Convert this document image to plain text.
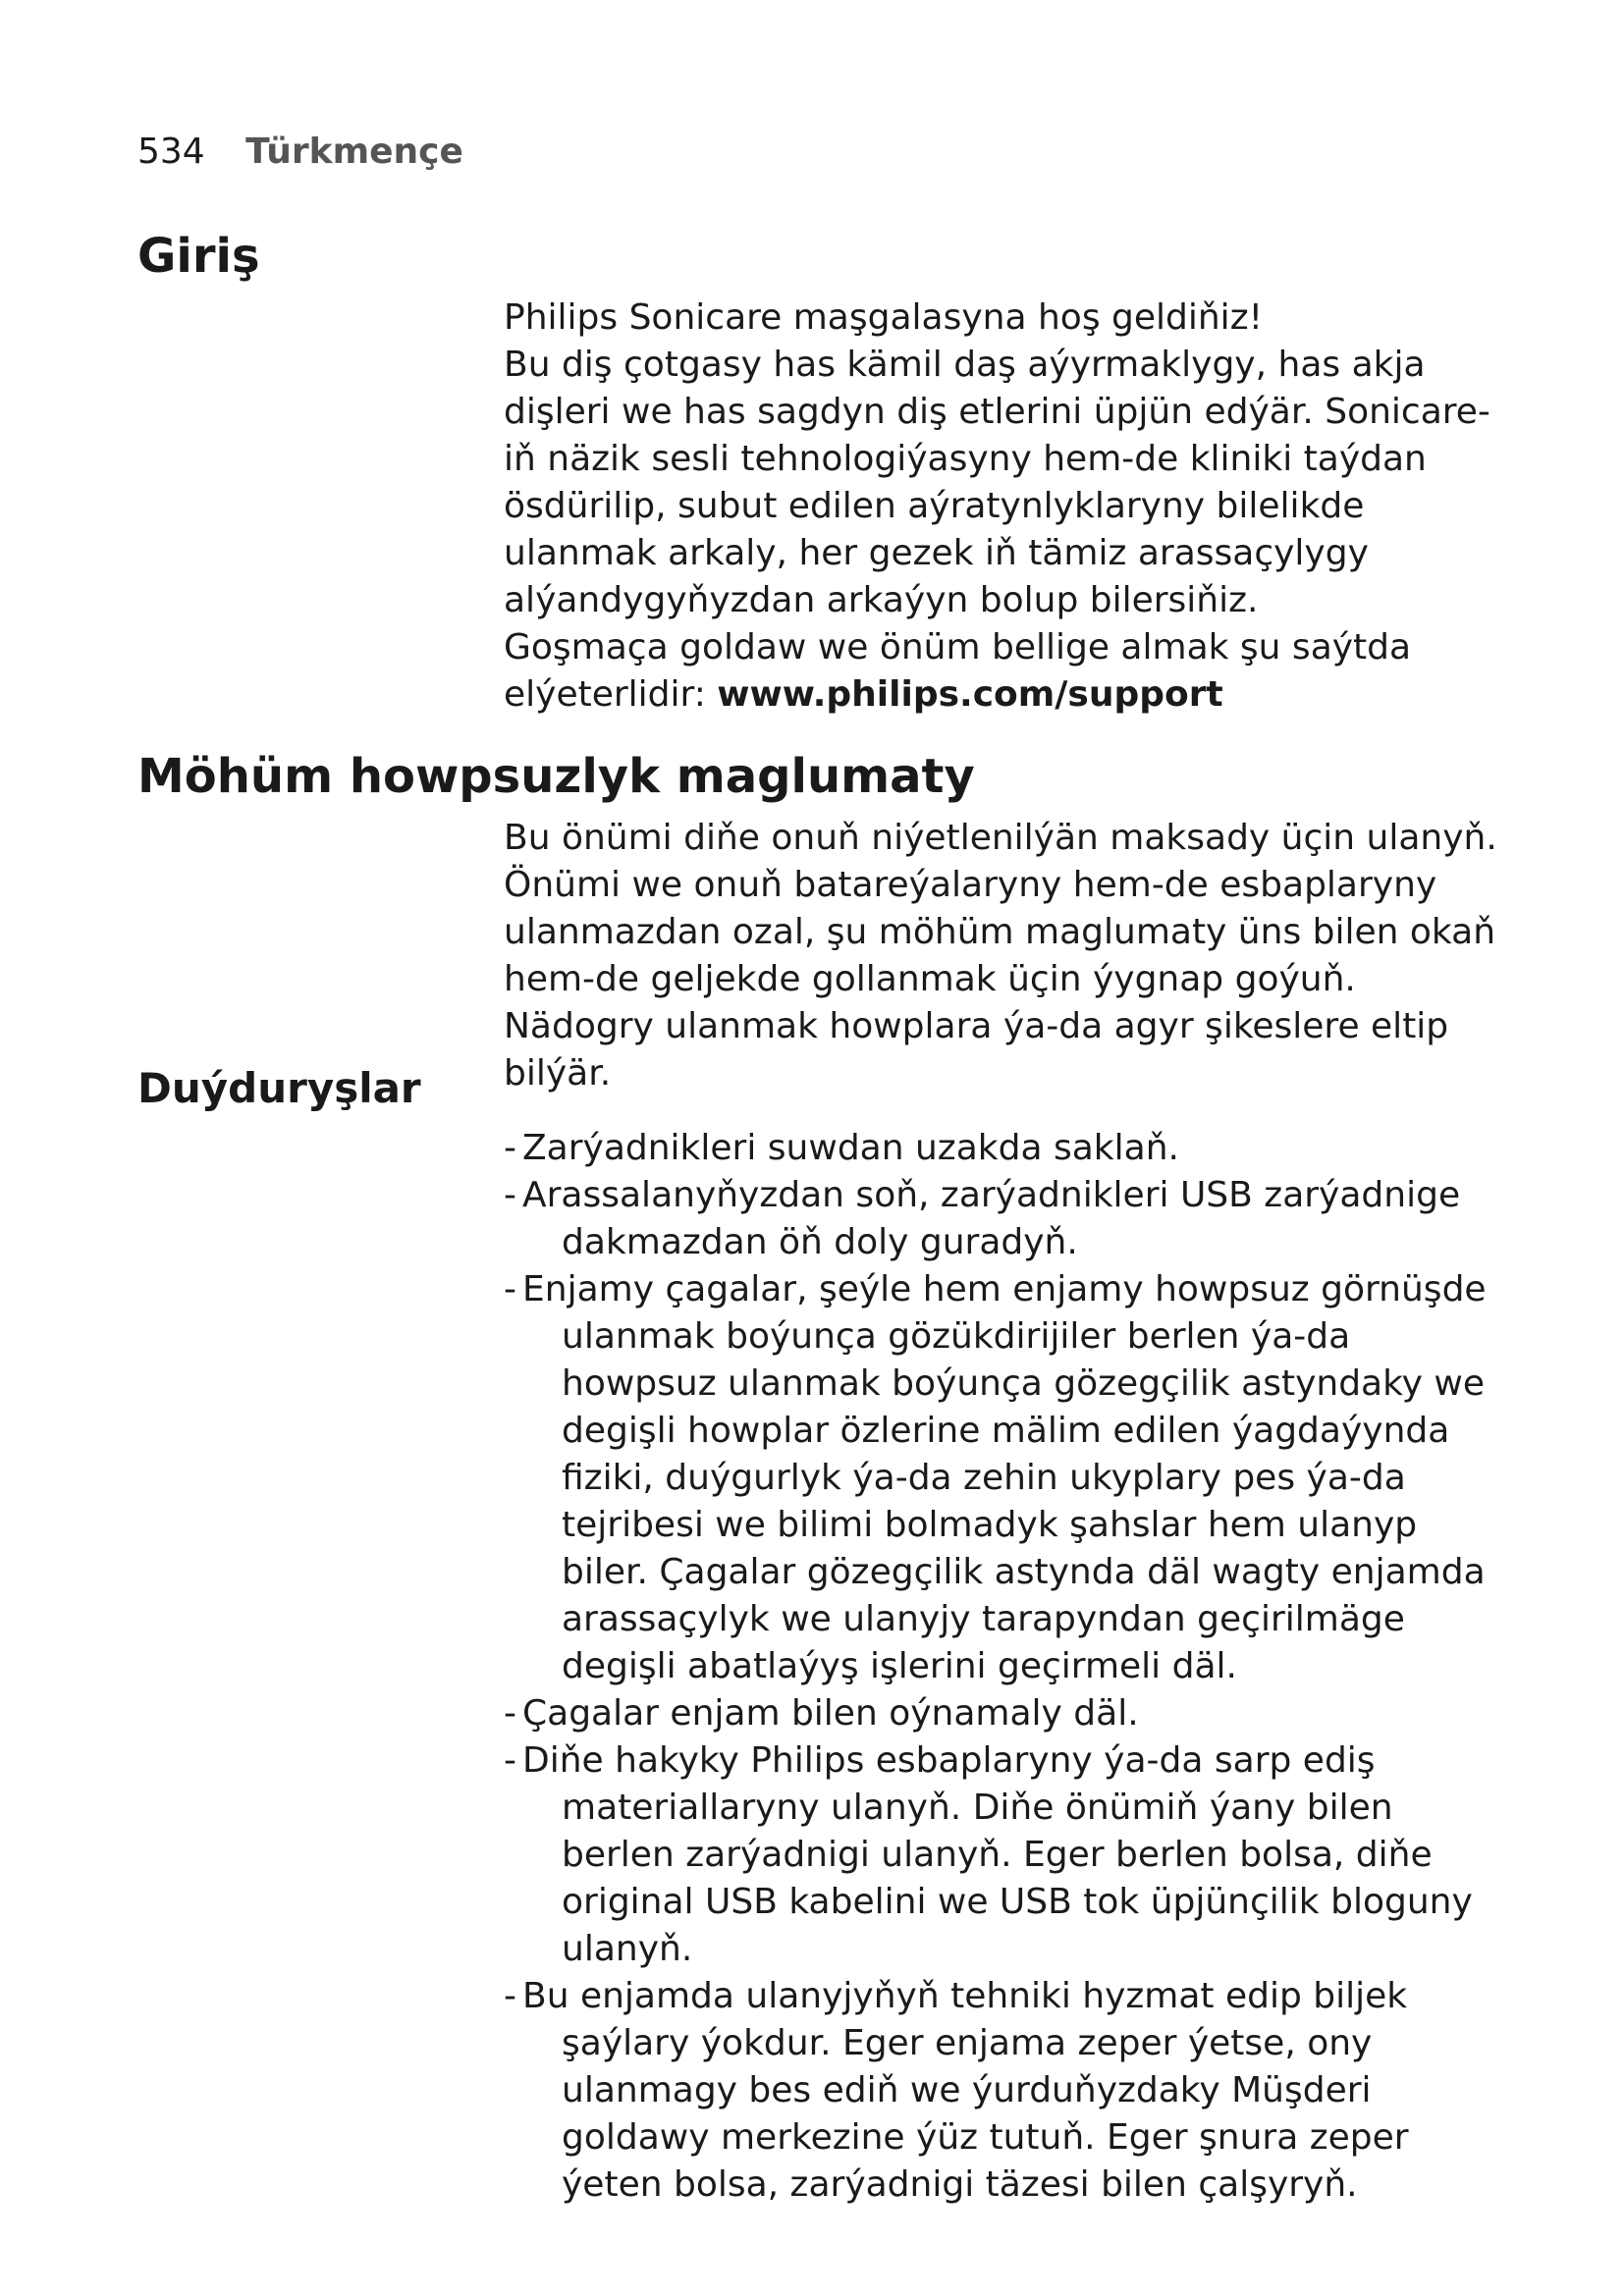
534 Türkmençe
Giriş

Philips Sonicare maşgalasyna hoş geldiňiz!

Bu diş çotgasy has kämil daş aýyrmaklygy, has akja dişleri we has sagdyn diş etlerini üpjün edýär. Sonicare-iň näzik sesli tehnologiýasyny hem-de kliniki taýdan ösdürilip, subut edilen aýratynlyklaryny bilelikde ulanmak arkaly, her gezek iň tämiz arassaçylygy alýandygyňyzdan arkaýyn bolup bilersiňiz.

Goşmaça goldaw we önüm bellige almak şu saýtda elýeterlidir: www.philips.com/support

Möhüm howpsuzlyk maglumaty

Bu önümi diňe onuň niýetlenilýän maksady üçin ulanyň. Önümi we onuň batareýalaryny hem-de esbaplaryny ulanmazdan ozal, şu möhüm maglumaty üns bilen okaň hem-de geljekde gollanmak üçin ýygnap goýuň. Nädogry ulanmak howplara ýa-da agyr şikeslere eltip bilýär.

Duýduryşlar
- Zarýadnikleri suwdan uzakda saklaň.
- Arassalanyňyzdan soň, zarýadnikleri USB zarýadnige dakmazdan öň doly guradyň.
- Enjamy çagalar, şeýle hem enjamy howpsuz görnüşde ulanmak boýunça gözükdirijiler berlen ýa-da howpsuz ulanmak boýunça gözegçilik astyndaky we degişli howplar özlerine mälim edilen ýagdaýynda fiziki, duýgurlyk ýa-da zehin ukyplary pes ýa-da tejribesi we bilimi bolmadyk şahslar hem ulanyp biler. Çagalar gözegçilik astynda däl wagty enjamda arassaçylyk we ulanyjy tarapyndan geçirilmäge degişli abatlaýyş işlerini geçirmeli däl.
- Çagalar enjam bilen oýnamaly däl.
- Diňe hakyky Philips esbaplaryny ýa-da sarp ediş materiallaryny ulanyň. Diňe önümiň ýany bilen berlen zarýadnigi ulanyň. Eger berlen bolsa, diňe original USB kabelini we USB tok üpjünçilik bloguny ulanyň.
- Bu enjamda ulanyjyňyň tehniki hyzmat edip biljek şaýlary ýokdur. Eger enjama zeper ýetse, ony ulanmagy bes ediň we ýurduňyzdaky Müşderi goldawy merkezine ýüz tutuň. Eger şnura zeper ýeten bolsa, zarýadnigi täzesi bilen çalşyryň.
